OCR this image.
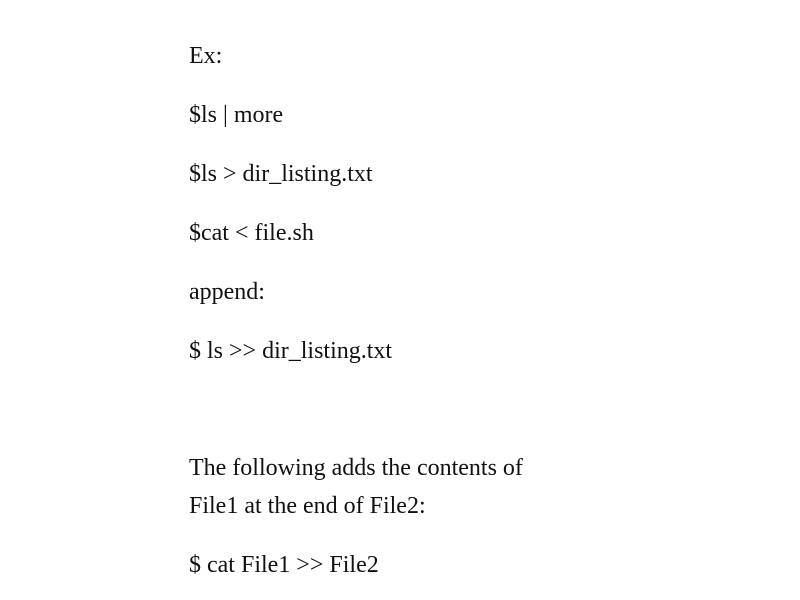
Ex:

$ls | more

$ls > dir_listing.txt

$cat < file.sh

append:

$ ls >> dir_listing.txt

The following adds the contents of

File1 at the end of File2:

$ cat File1 >> File2
